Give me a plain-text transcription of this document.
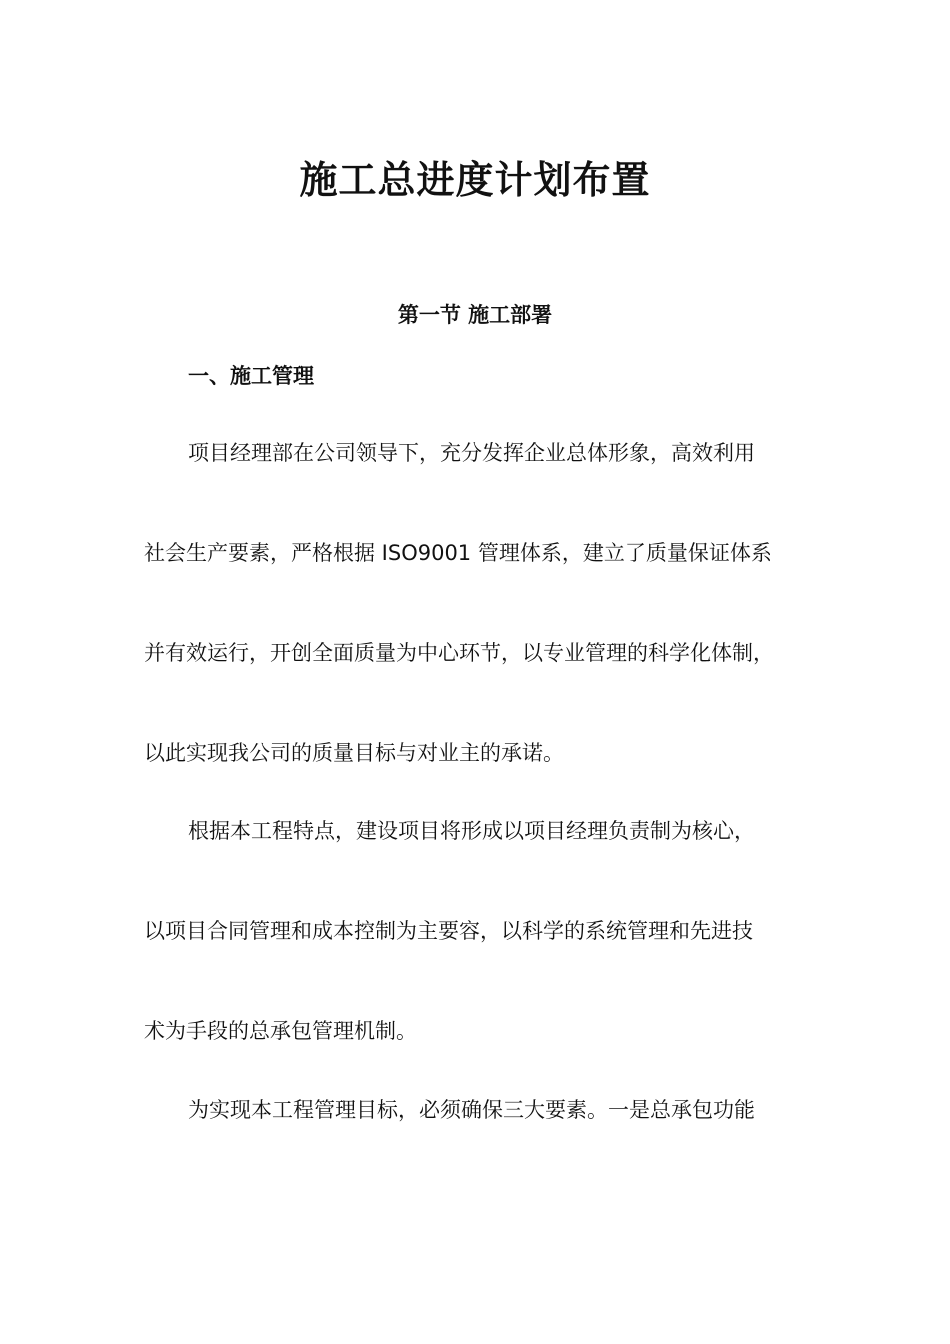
施工总进度计划布置
第一节 施工部署
一、施工管理

项目经理部在公司领导下，充分发挥企业总体形象，高效利用

社会生产要素，严格根据 ISO9001 管理体系，建立了质量保证体系

并有效运行，开创全面质量为中心环节，以专业管理的科学化体制，

以此实现我公司的质量目标与对业主的承诺。

根据本工程特点，建设项目将形成以项目经理负责制为核心，

以项目合同管理和成本控制为主要容，以科学的系统管理和先进技

术为手段的总承包管理机制。

为实现本工程管理目标，必须确保三大要素。一是总承包功能
